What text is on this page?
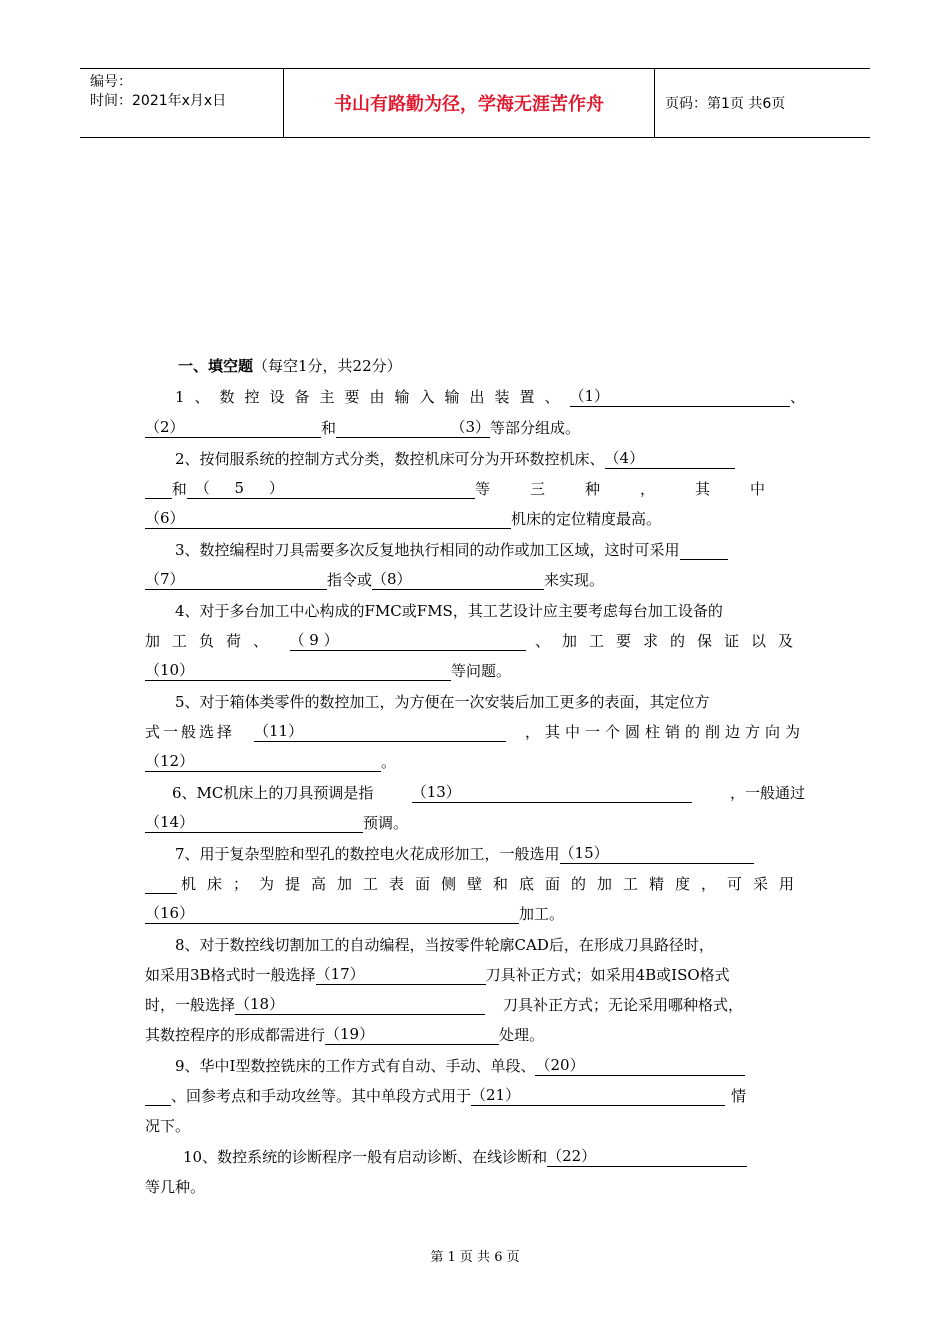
编号：
时间：2021年x月x日	书山有路勤为径，学海无涯苦作舟	页码：第1页 共6页
一、填空题（每空1分，共22分）
1、数控设备主要由输入输出装置、 （1）	、
（2）	和	（3）等部分组成。
2、按伺服系统的控制方式分类，数控机床可分为开环数控机床、（4）
和 （ 5 ）	等三种，其中
（6）	机床的定位精度最高。
3、数控编程时刀具需要多次反复地执行相同的动作或加工区域，这时可采用
（7）	指令或（8）	来实现。
4、对于多台加工中心构成的FMC或FMS，其工艺设计应主要考虑每台加工设备的
加工负荷、 （ 9 ）	、加工要求的保证以及
（10）	等问题。
5、对于箱体类零件的数控加工，为方便在一次安装后加工更多的表面，其定位方
式一般选择 （11）	，其中一个圆柱销的削边方向为
（12）	。
6、MC机床上的刀具预调是指	（13）	，一般通过
（14）	预调。
7、用于复杂型腔和型孔的数控电火花成形加工，一般选用（15）
机床；为提高加工表面侧壁和底面的加工精度，可采用
（16）	加工。
8、对于数控线切割加工的自动编程，当按零件轮廓CAD后，在形成刀具路径时，
如采用3B格式时一般选择（17）	刀具补正方式；如采用4B或ISO格式
时，一般选择（18）	刀具补正方式；无论采用哪种格式，
其数控程序的形成都需进行（19）	处理。
9、华中Ⅰ型数控铣床的工作方式有自动、手动、单段、（20）
、回参考点和手动攻丝等。其中单段方式用于（21）	情
况下。
10、数控系统的诊断程序一般有启动诊断、在线诊断和（22）
等几种。
第 1 页 共 6 页
